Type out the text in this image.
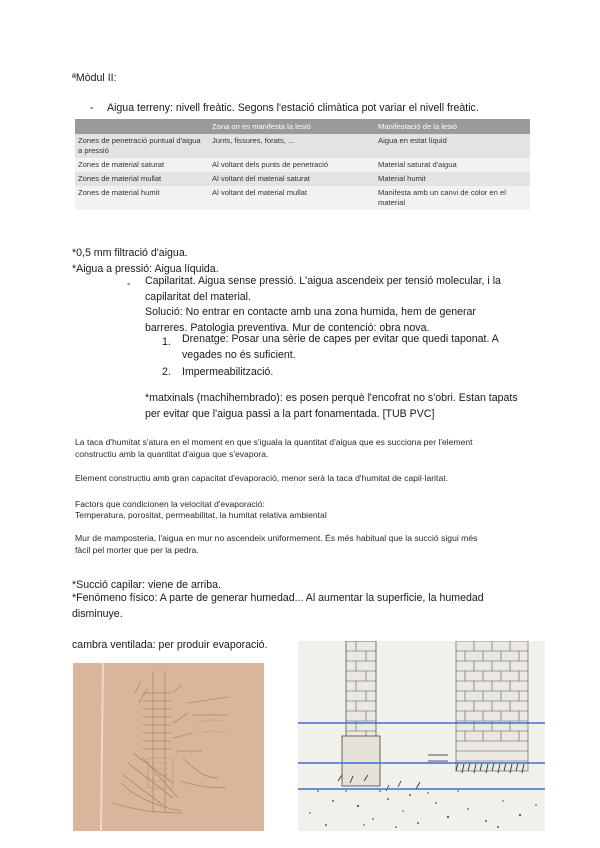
ªMòdul II:
- Aigua terreny: nivell freàtic. Segons l'estació climàtica pot variar el nivell freàtic.
	Zona on es manifesta la lesió	Manifestació de la lesió
Zones de penetració puntual d'aigua a pressió	Junts, fissures, forats, ...	Aigua en estat líquid
Zones de material saturat	Al voltant dels punts de penetració	Material saturat d'aigua
Zones de material mullat	Al voltant del material saturat	Material humit
Zones de material humit	Al voltant del material mullat	Manifesta amb un canvi de color en el material
*0,5 mm filtració d'aigua.
*Aigua a pressió: Aigua líquida.
- Capilaritat. Aigua sense pressió. L'aigua ascendeix per tensió molecular, i la capilaritat del material.
Solució: No entrar en contacte amb una zona humida, hem de generar barreres. Patologia preventiva. Mur de contenció: obra nova.
1. Drenatge: Posar una sèrie de capes per evitar que quedi taponat. A vegades no és suficient.
2. Impermeabilització.
*matxinals (machihembrado): es posen perquè l'encofrat no s'obri. Estan tapats per evitar que l'aigua passi a la part fonamentada. [TUB PVC]
La taca d'humitat s'atura en el moment en que s'iguala la quantitat d'aigua que es succiona per l'element
constructiu amb la quantitat d'aigua que s'evapora.
Element constructiu amb gran capacitat d'evaporació, menor serà la taca d'humitat de capil·laritat.
Factors que condicionen la velocitat d'evaporació:
Temperatura, porositat, permeabilitat, la humitat relativa ambiental
Mur de mamposteria, l'aigua en mur no ascendeix uniformement. És més habitual que la succió sigui més
fàcil pel morter que per la pedra.
*Succió capilar: viene de arriba.
*Fenómeno físico: A parte de generar humedad... Al aumentar la superficie, la humedad disminuye.
cambra ventilada: per produir evaporació.
